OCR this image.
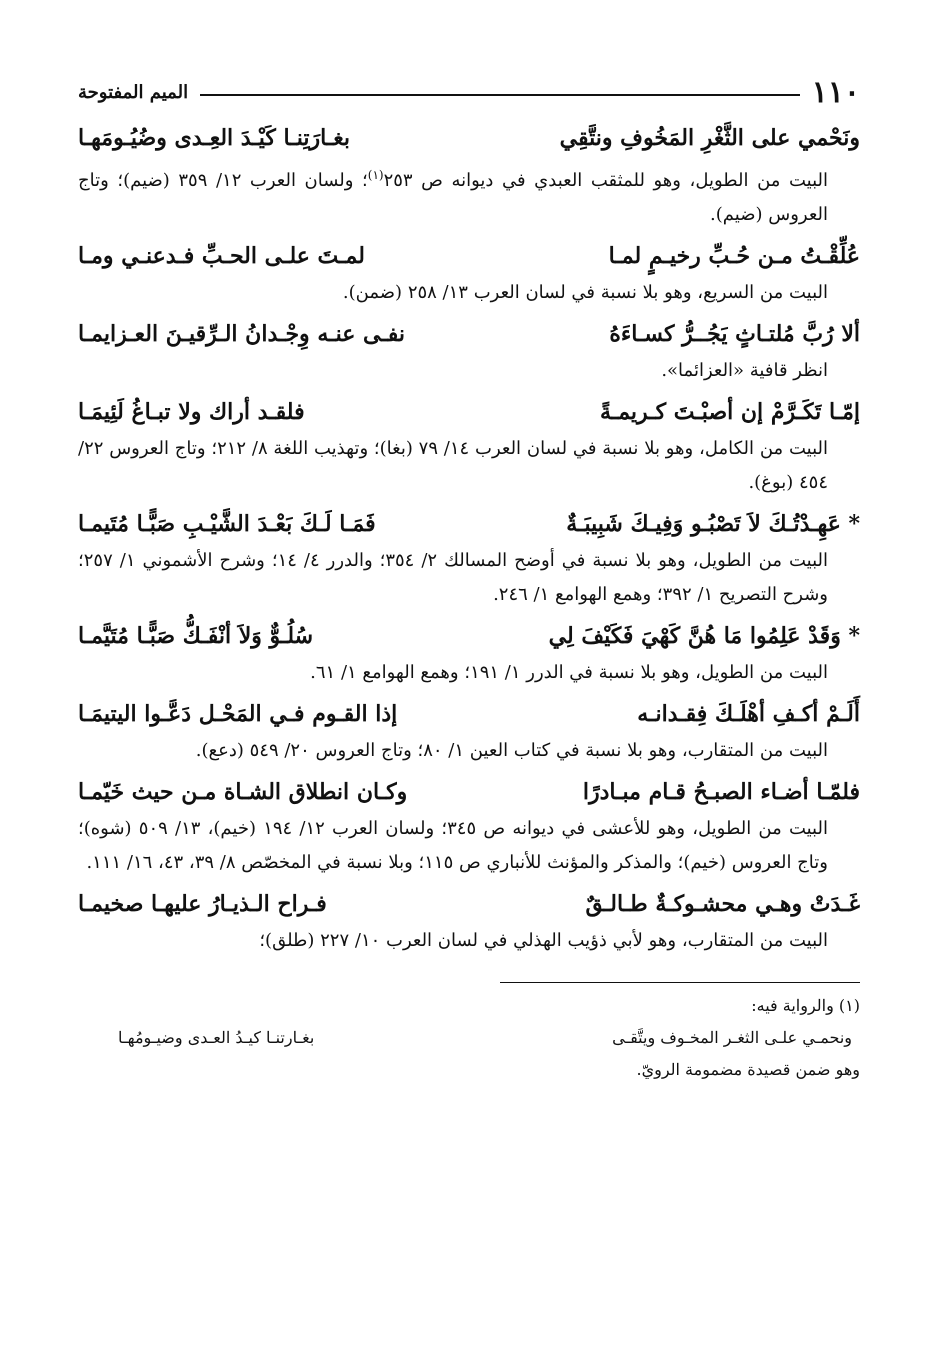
١١٠
الميم المفتوحة
ونَحْمي على الثَّغْرِ المَخُوفِ ونتَّقِي
بغـارَتِنـا كَيْـدَ العِـدى وضُيُـومَهـا
البيت من الطويل، وهو للمثقب العبدي في ديوانه ص ٢٥٣$^{(١)}$؛ ولسان العرب ١٢/ ٣٥٩ (ضيم)؛ وتاج العروس (ضيم).
عُلِّقْـتُ مـن حُـبِّ رخيـمٍ لمـا
لمـتَ علـى الحـبِّ فـدعنـي ومـا
البيت من السريع، وهو بلا نسبة في لسان العرب ١٣/ ٢٥٨ (ضمن).
ألا رُبَّ مُلتـاثٍ يَجُــرُّ كسـاءَهُ
نفـى عنـه وِجْـدانُ الـرِّقيـنَ العـزايمـا
انظر قافية «العزائما».
إمّـا تَكَـرَّمْ إن أصبْـتَ كـريمـةً
فلقـد أراك ولا تبـاغُ لَئِيمَـا
البيت من الكامل، وهو بلا نسبة في لسان العرب ١٤/ ٧٩ (بغا)؛ وتهذيب اللغة ٨/ ٢١٢؛ وتاج العروس ٢٢/ ٤٥٤ (بوغ).
* عَهِـدْتُـكَ لاَ تَصْبُـو وَفِيـكَ شَبِيبَـةٌ
فَمَـا لَـكَ بَعْـدَ الشَّيْـبِ صَبًّـا مُتَيمـا
البيت من الطويل، وهو بلا نسبة في أوضح المسالك ٢/ ٣٥٤؛ والدرر ٤/ ١٤؛ وشرح الأشموني ١/ ٢٥٧؛ وشرح التصريح ١/ ٣٩٢؛ وهمع الهوامع ١/ ٢٤٦.
* وَقَدْ عَلِمُوا مَا هُنَّ كَهْيَ فَكَيْفَ لِي
سُلُـوٌّ وَلاَ أنْفَـكُّ صَبًّـا مُتَيَّمـا
البيت من الطويل، وهو بلا نسبة في الدرر ١/ ١٩١؛ وهمع الهوامع ١/ ٦١.
أَلَـمْ أكـفِ أهْلَـكَ فِقـدانـه
إذا القـوم فـي المَحْـل دَعَّـوا اليتيمَـا
البيت من المتقارب، وهو بلا نسبة في كتاب العين ١/ ٨٠؛ وتاج العروس ٢٠/ ٥٤٩ (دعع).
فلمّـا أضـاء الصبـحُ قـام مبـادرًا
وكـان انطلاق الشـاة مـن حيث خَيّمـا
البيت من الطويل، وهو للأعشى في ديوانه ص ٣٤٥؛ ولسان العرب ١٢/ ١٩٤ (خيم)، ١٣/ ٥٠٩ (شوه)؛ وتاج العروس (خيم)؛ والمذكر والمؤنث للأنباري ص ١١٥؛ وبلا نسبة في المخصّص ٨/ ٣٩، ٤٣، ١٦/ ١١١.
غَـدَتْ وهـي محشـوكـةٌ طـالـقٌ
فـراح الـذيـارُ عليهـا صخيمـا
البيت من المتقارب، وهو لأبي ذؤيب الهذلي في لسان العرب ١٠/ ٢٢٧ (طلق)؛
(١) والرواية فيه:
ونحمـي علـى الثغـر المخـوف ويتَّقـى
بغـارتنـا كيـدُ العـدى وضيـومُهـا
وهو ضمن قصيدة مضمومة الرويّ.
